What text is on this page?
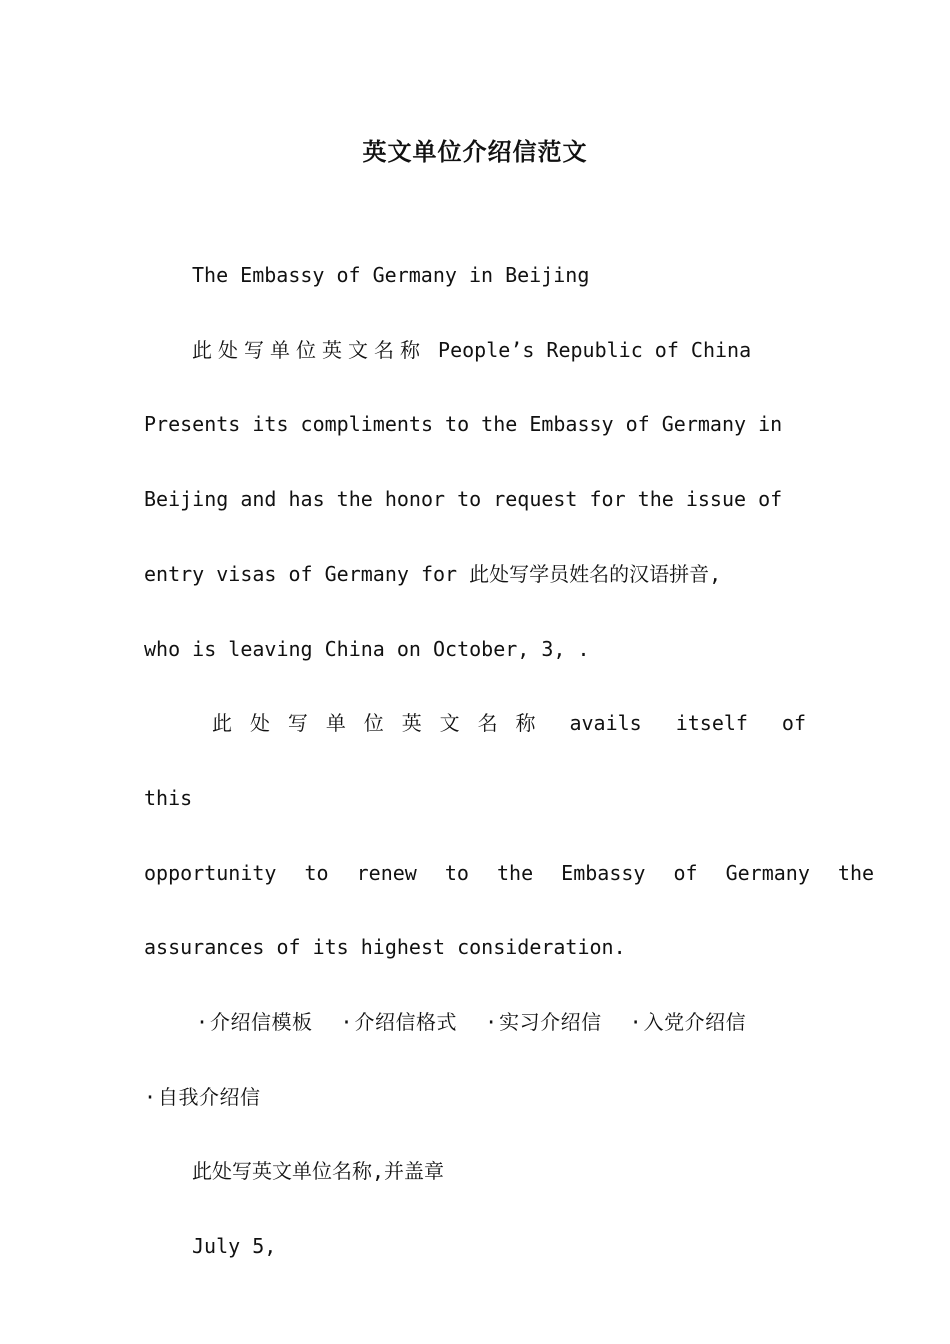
英文单位介绍信范文

The Embassy of Germany in Beijing

此处写单位英文名称 People’s Republic of China

Presents its compliments to the Embassy of Germany in

Beijing and has the honor to request for the issue of

entry visas of Germany for 此处写学员姓名的汉语拼音,

who is leaving China on October, 3, .

此处写单位英文名称 avails itself of this

opportunity to renew to the Embassy of Germany the

assurances of its highest consideration.

·介绍信模板 ·介绍信格式 ·实习介绍信 ·入党介绍信
·自我介绍信

此处写英文单位名称,并盖章

July 5,
